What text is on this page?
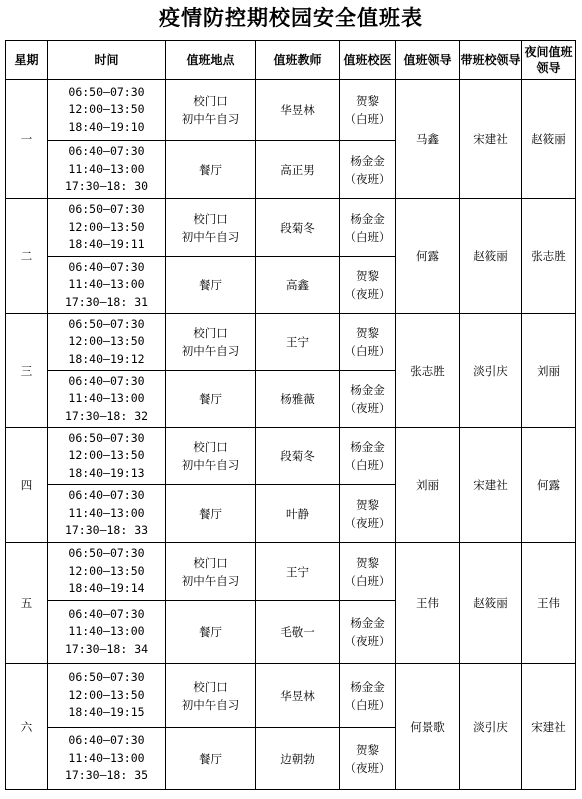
疫情防控期校园安全值班表
星期	时间	值班地点	值班教师	值班校医	值班领导	带班校领导	夜间值班领导
一	06:50—07:30
12:00—13:50
18:40—19:10	校门口
初中午自习	华昱林	贺黎
（白班）	马鑫	宋建社	赵筱丽

	06:40—07:30
11:40—13:00
17:30—18: 30	餐厅	高正男	杨金金
（夜班）			

二	06:50—07:30
12:00—13:50
18:40—19:11	校门口
初中午自习	段菊冬	杨金金
（白班）	何露	赵筱丽	张志胜

	06:40—07:30
11:40—13:00
17:30—18: 31	餐厅	高鑫	贺黎
（夜班）			

三	06:50—07:30
12:00—13:50
18:40—19:12	校门口
初中午自习	王宁	贺黎
（白班）	张志胜	淡引庆	刘丽

	06:40—07:30
11:40—13:00
17:30—18: 32	餐厅	杨雅薇	杨金金
（夜班）			

四	06:50—07:30
12:00—13:50
18:40—19:13	校门口
初中午自习	段菊冬	杨金金
（白班）	刘丽	宋建社	何露

	06:40—07:30
11:40—13:00
17:30—18: 33	餐厅	叶静	贺黎
（夜班）			

五	06:50—07:30
12:00—13:50
18:40—19:14	校门口
初中午自习	王宁	贺黎
（白班）	王伟	赵筱丽	王伟

	06:40—07:30
11:40—13:00
17:30—18: 34	餐厅	毛敬一	杨金金
（夜班）			

六	06:50—07:30
12:00—13:50
18:40—19:15	校门口
初中午自习	华昱林	杨金金
（白班）	何景歌	淡引庆	宋建社

	06:40—07:30
11:40—13:00
17:30—18: 35	餐厅	边朝勃	贺黎
（夜班）			
